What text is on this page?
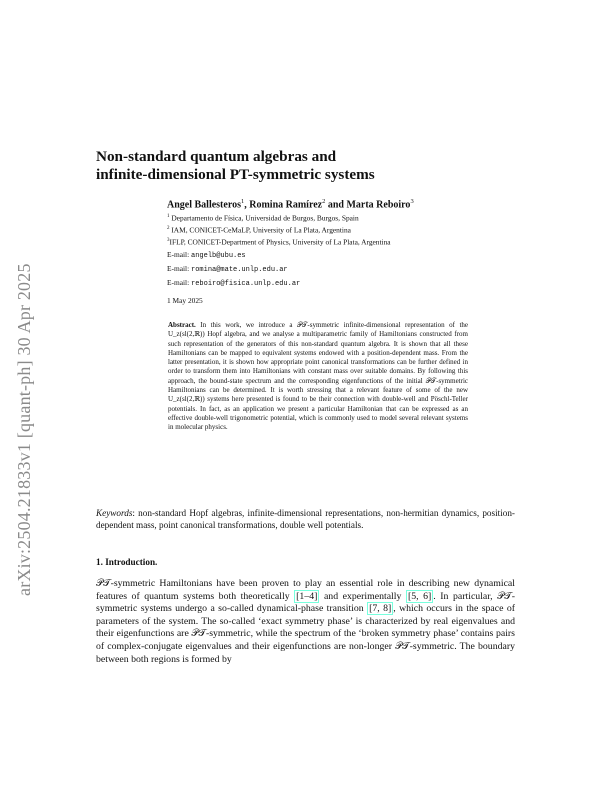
arXiv:2504.21833v1 [quant-ph] 30 Apr 2025
Non-standard quantum algebras and
infinite-dimensional PT-symmetric systems
Angel Ballesteros$^1$, Romina Ramírez$^2$ and Marta Reboiro$^3$
$^1$ Departamento de Física, Universidad de Burgos, Burgos, Spain
$^2$ IAM, CONICET-CeMaLP, University of La Plata, Argentina
$^3$IFLP, CONICET-Department of Physics, University of La Plata, Argentina
E-mail: angelb@ubu.es
E-mail: romina@mate.unlp.edu.ar
E-mail: reboiro@fisica.unlp.edu.ar
1 May 2025
Abstract. In this work, we introduce a 𝒫𝒯-symmetric infinite-dimensional representation of the U_z(sl(2,ℝ)) Hopf algebra, and we analyse a multiparametric family of Hamiltonians constructed from such representation of the generators of this non-standard quantum algebra. It is shown that all these Hamiltonians can be mapped to equivalent systems endowed with a position-dependent mass. From the latter presentation, it is shown how appropriate point canonical transformations can be further defined in order to transform them into Hamiltonians with constant mass over suitable domains. By following this approach, the bound-state spectrum and the corresponding eigenfunctions of the initial 𝒫𝒯-symmetric Hamiltonians can be determined. It is worth stressing that a relevant feature of some of the new U_z(sl(2,ℝ)) systems here presented is found to be their connection with double-well and Pöschl-Teller potentials. In fact, as an application we present a particular Hamiltonian that can be expressed as an effective double-well trigonometric potential, which is commonly used to model several relevant systems in molecular physics.
Keywords: non-standard Hopf algebras, infinite-dimensional representations, non-hermitian dynamics, position-dependent mass, point canonical transformations, double well potentials.
1. Introduction.
𝒫𝒯-symmetric Hamiltonians have been proven to play an essential role in describing new dynamical features of quantum systems both theoretically [1–4] and experimentally [5, 6] . In particular, 𝒫𝒯-symmetric systems undergo a so-called dynamical-phase transition [7, 8] , which occurs in the space of parameters of the system. The so-called ‘exact symmetry phase’ is characterized by real eigenvalues and their eigenfunctions are 𝒫𝒯-symmetric, while the spectrum of the ‘broken symmetry phase’ contains pairs of complex-conjugate eigenvalues and their eigenfunctions are non-longer 𝒫𝒯-symmetric. The boundary between both regions is formed by
